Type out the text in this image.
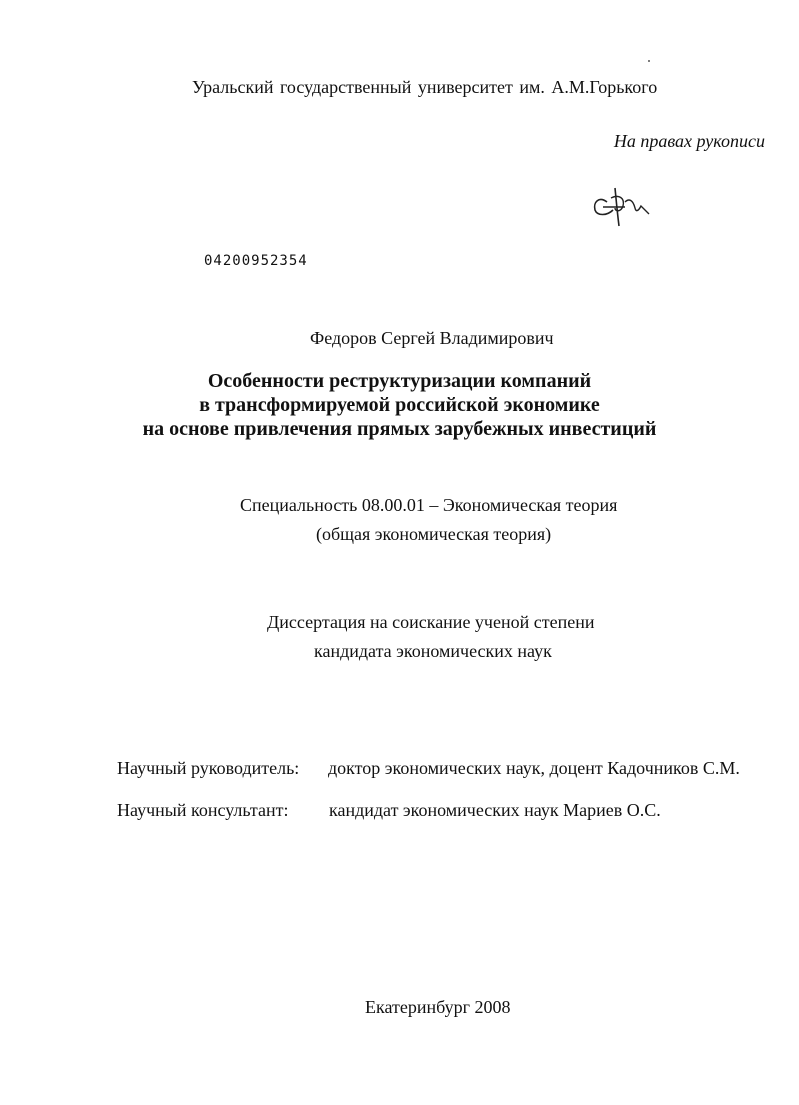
Уральский государственный университет им. А.М.Горького
На правах рукописи
04200952354
Федоров Сергей Владимирович
Особенности реструктуризации компаний
в трансформируемой российской экономике
на основе привлечения прямых зарубежных инвестиций
Специальность 08.00.01 – Экономическая теория
(общая экономическая теория)
Диссертация на соискание ученой степени
кандидата экономических наук
Научный руководитель: доктор экономических наук, доцент Кадочников С.М.
Научный консультант: кандидат экономических наук Мариев О.С.
Екатеринбург 2008
